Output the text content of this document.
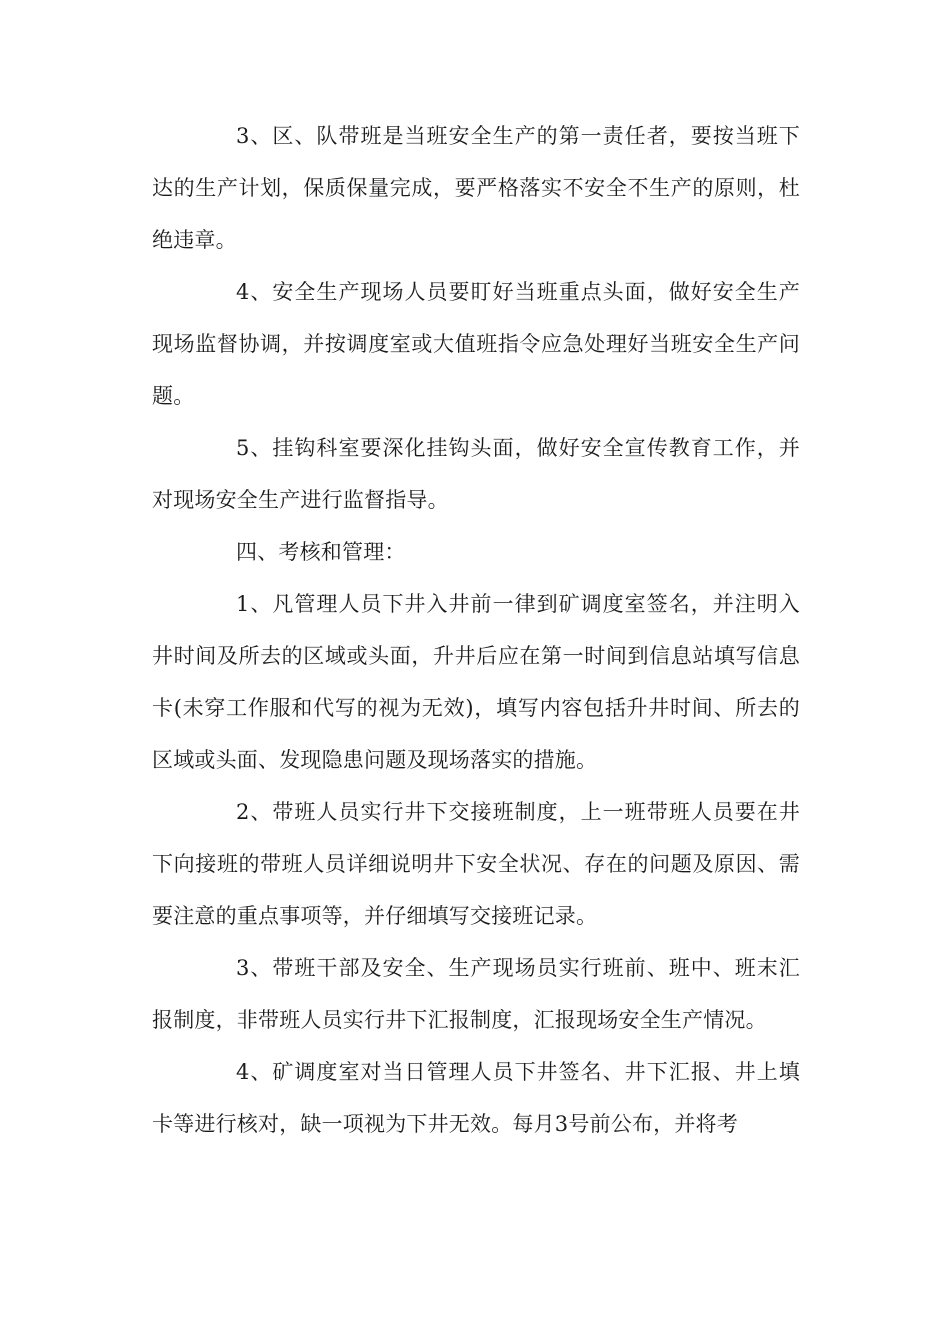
3、区、队带班是当班安全生产的第一责任者，要按当班下达的生产计划，保质保量完成，要严格落实不安全不生产的原则，杜绝违章。

4、安全生产现场人员要盯好当班重点头面，做好安全生产现场监督协调，并按调度室或大值班指令应急处理好当班安全生产问题。

5、挂钩科室要深化挂钩头面，做好安全宣传教育工作，并对现场安全生产进行监督指导。

四、考核和管理：

1、凡管理人员下井入井前一律到矿调度室签名，并注明入井时间及所去的区域或头面，升井后应在第一时间到信息站填写信息卡(未穿工作服和代写的视为无效)，填写内容包括升井时间、所去的区域或头面、发现隐患问题及现场落实的措施。

2、带班人员实行井下交接班制度，上一班带班人员要在井下向接班的带班人员详细说明井下安全状况、存在的问题及原因、需要注意的重点事项等，并仔细填写交接班记录。

3、带班干部及安全、生产现场员实行班前、班中、班末汇报制度，非带班人员实行井下汇报制度，汇报现场安全生产情况。

4、矿调度室对当日管理人员下井签名、井下汇报、井上填卡等进行核对，缺一项视为下井无效。每月3号前公布，并将考
